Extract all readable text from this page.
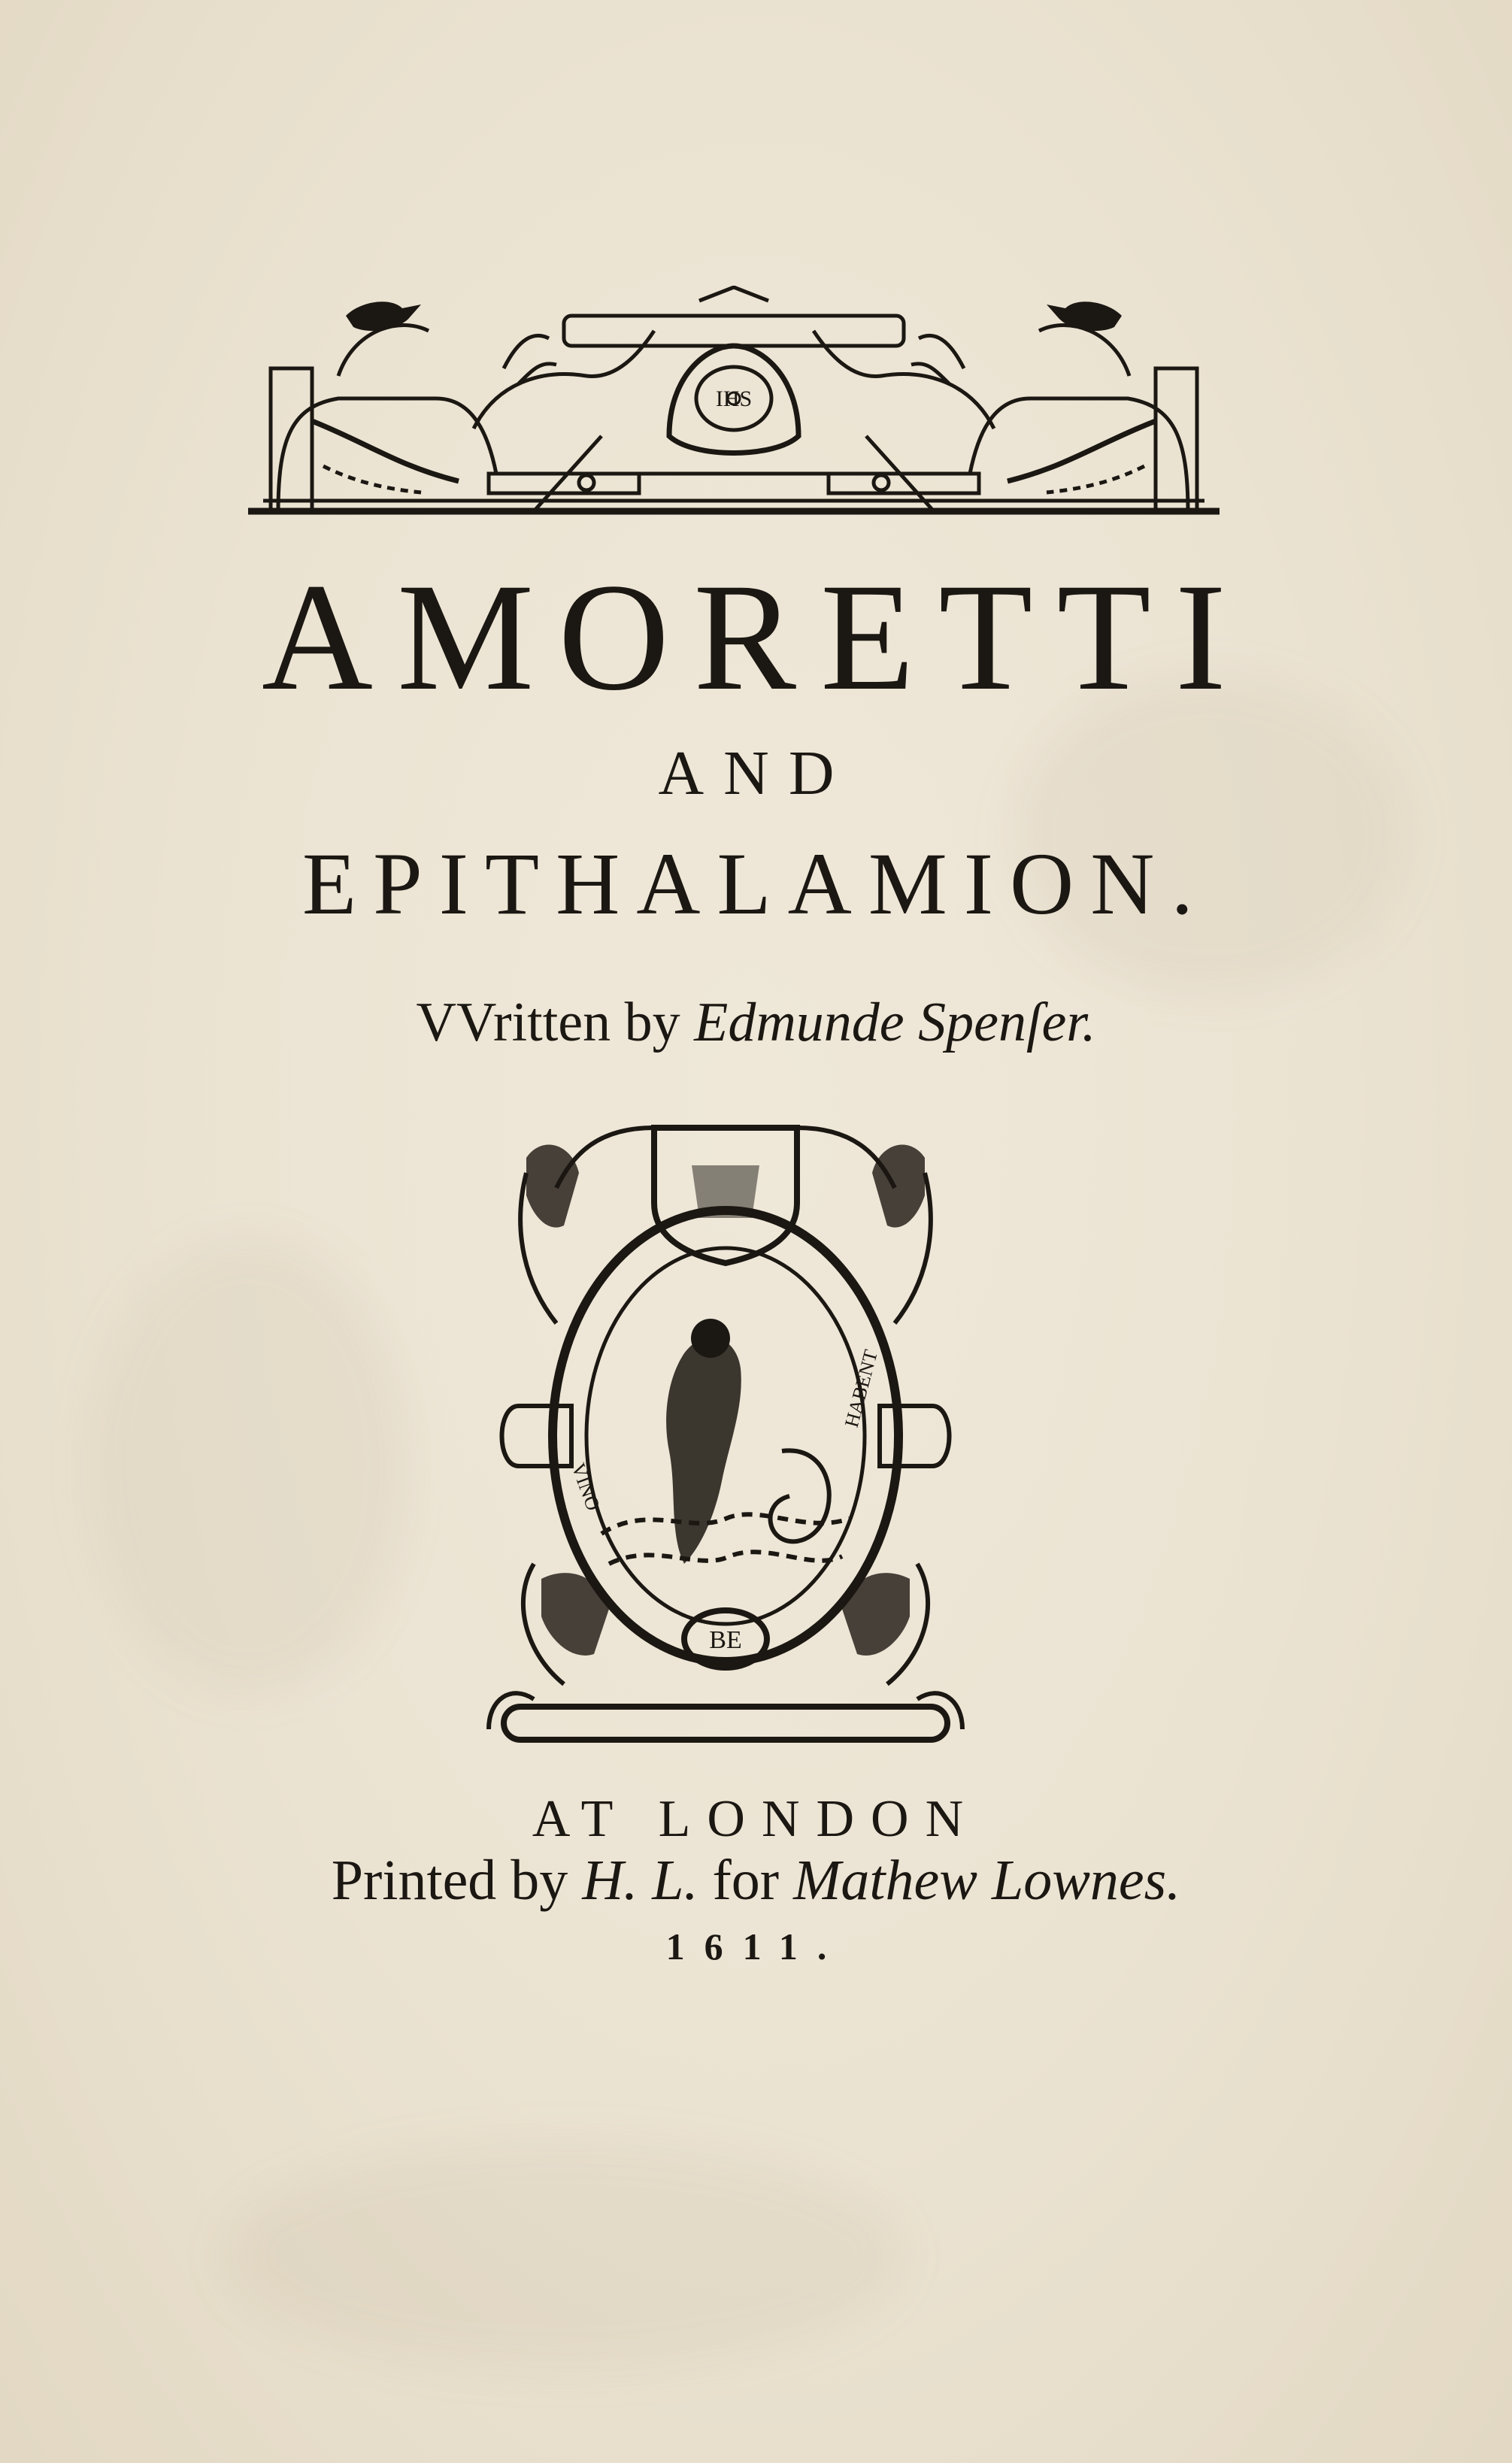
IHS
AMORETTI
AND
EPITHALAMION.

VVritten by Edmunde Spenſer.

VINO
HABENT
BE
AT LONDON

Printed by H. L. for Mathew Lownes.

1611.
